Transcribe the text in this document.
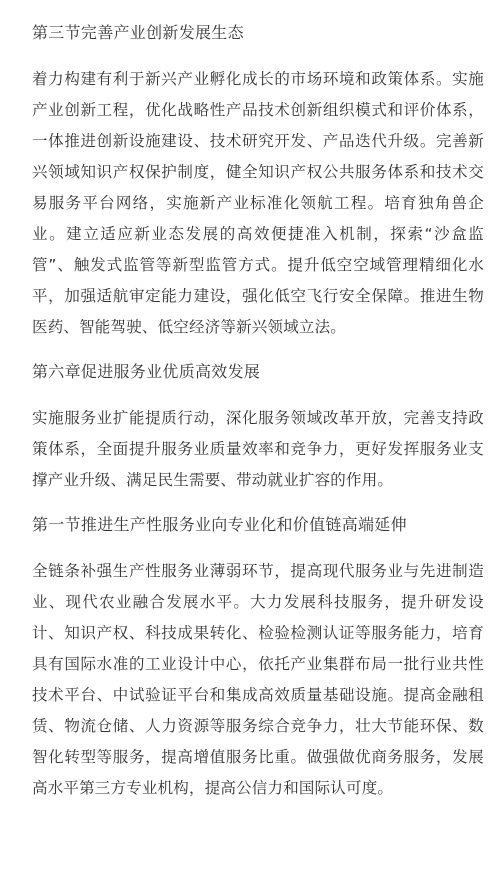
第三节完善产业创新发展生态
着力构建有利于新兴产业孵化成长的市场环境和政策体系。实施产业创新工程，优化战略性产品技术创新组织模式和评价体系，一体推进创新设施建设、技术研究开发、产品迭代升级。完善新兴领域知识产权保护制度，健全知识产权公共服务体系和技术交易服务平台网络，实施新产业标准化领航工程。培育独角兽企业。建立适应新业态发展的高效便捷准入机制，探索“沙盒监管”、触发式监管等新型监管方式。提升低空空域管理精细化水平，加强适航审定能力建设，强化低空飞行安全保障。推进生物医药、智能驾驶、低空经济等新兴领域立法。
第六章促进服务业优质高效发展
实施服务业扩能提质行动，深化服务领域改革开放，完善支持政策体系，全面提升服务业质量效率和竞争力，更好发挥服务业支撑产业升级、满足民生需要、带动就业扩容的作用。
第一节推进生产性服务业向专业化和价值链高端延伸
全链条补强生产性服务业薄弱环节，提高现代服务业与先进制造业、现代农业融合发展水平。大力发展科技服务，提升研发设计、知识产权、科技成果转化、检验检测认证等服务能力，培育具有国际水准的工业设计中心，依托产业集群布局一批行业共性技术平台、中试验证平台和集成高效质量基础设施。提高金融租赁、物流仓储、人力资源等服务综合竞争力，壮大节能环保、数智化转型等服务，提高增值服务比重。做强做优商务服务，发展高水平第三方专业机构，提高公信力和国际认可度。
